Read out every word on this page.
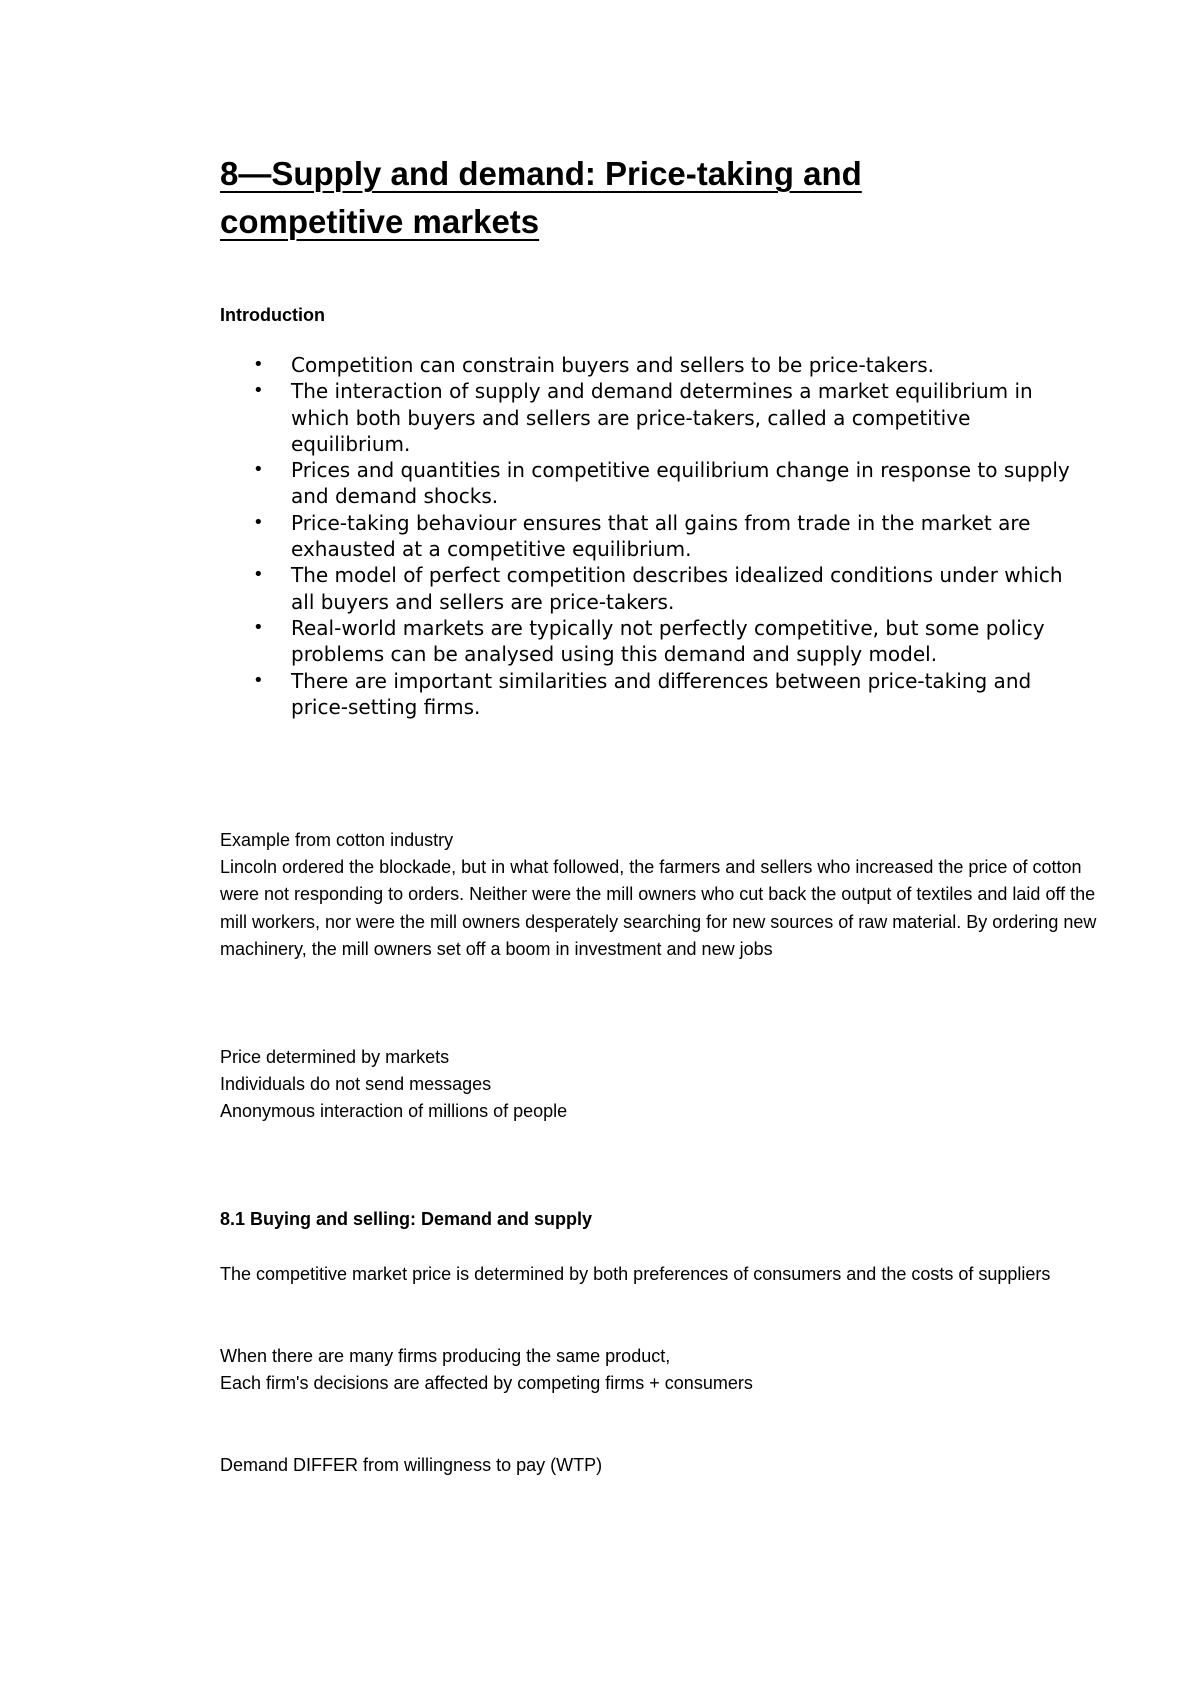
8—Supply and demand: Price-taking and
competitive markets
Introduction
• Competition can constrain buyers and sellers to be price-takers.
• The interaction of supply and demand determines a market equilibrium in which both buyers and sellers are price-takers, called a competitive equilibrium.
• Prices and quantities in competitive equilibrium change in response to supply and demand shocks.
• Price-taking behaviour ensures that all gains from trade in the market are exhausted at a competitive equilibrium.
• The model of perfect competition describes idealized conditions under which all buyers and sellers are price-takers.
• Real-world markets are typically not perfectly competitive, but some policy problems can be analysed using this demand and supply model.
• There are important similarities and differences between price-taking and price-setting firms.

Example from cotton industry

Lincoln ordered the blockade, but in what followed, the farmers and sellers who increased the price of cotton were not responding to orders. Neither were the mill owners who cut back the output of textiles and laid off the mill workers, nor were the mill owners desperately searching for new sources of raw material. By ordering new machinery, the mill owners set off a boom in investment and new jobs

Price determined by markets

Individuals do not send messages

Anonymous interaction of millions of people

8.1 Buying and selling: Demand and supply
The competitive market price is determined by both preferences of consumers and the costs of suppliers

When there are many firms producing the same product,

Each firm's decisions are affected by competing firms + consumers

Demand DIFFER from willingness to pay (WTP)
